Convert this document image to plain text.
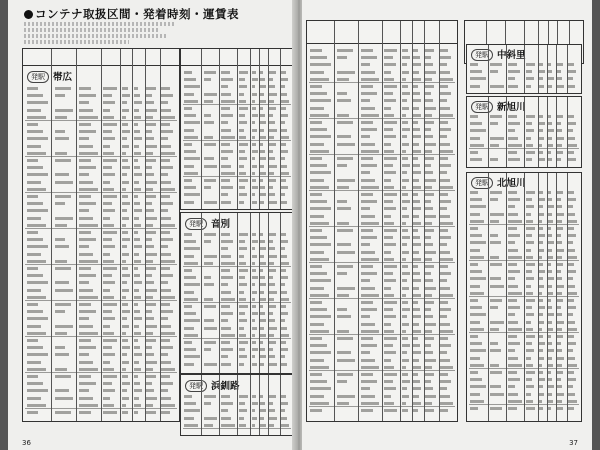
コンテナ取扱区間・発着時刻・運賃表
発駅 帯広
発駅 音別
発駅 浜釧路
36
発駅 中斜里
発駅 新旭川
発駅 北旭川
37
